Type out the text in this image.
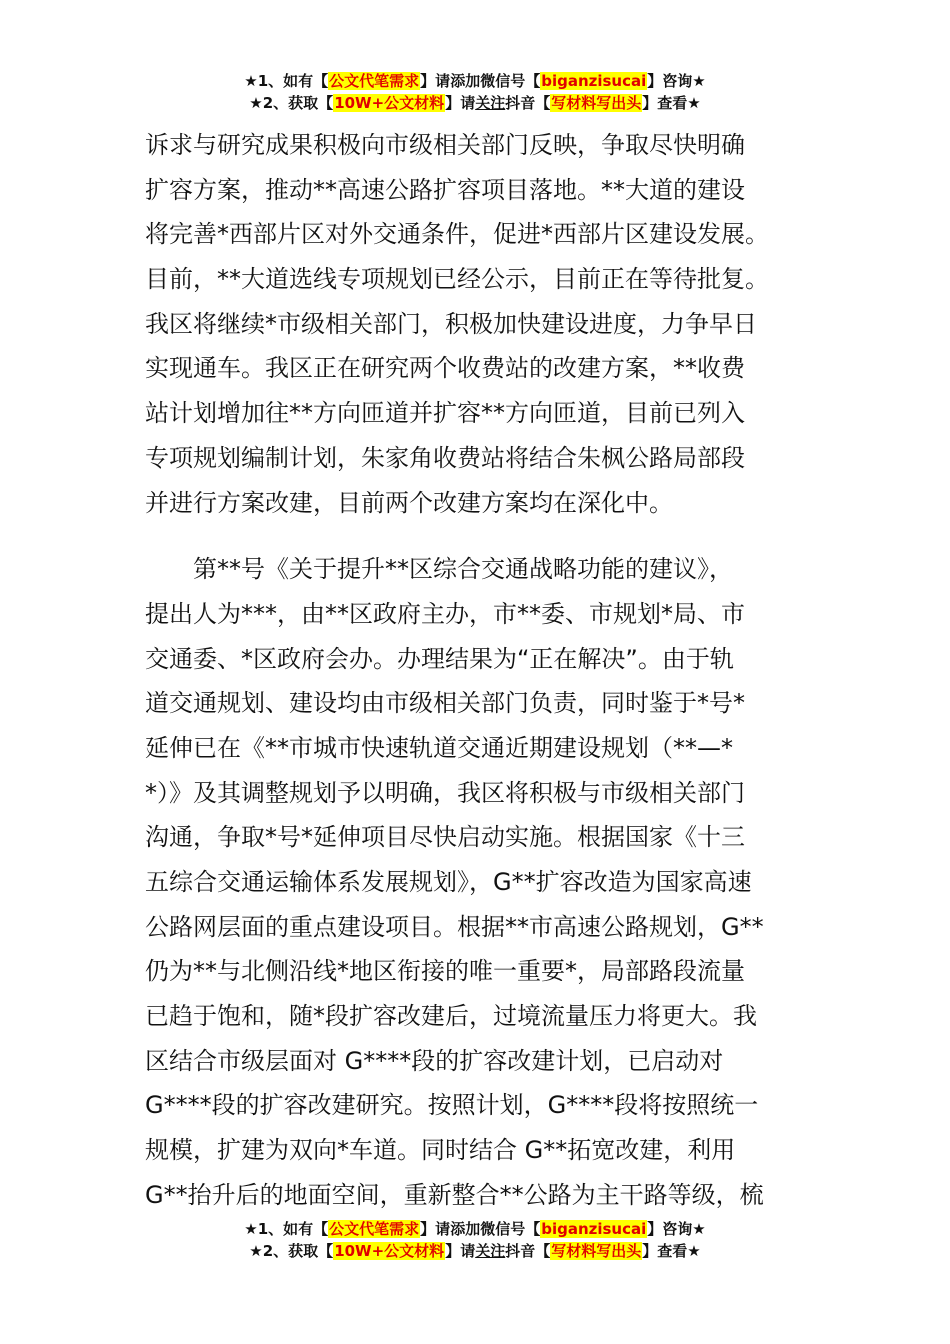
★1、如有【公文代笔需求】请添加微信号【biganzisucai】咨询★
★2、获取【10W+公文材料】请关注抖音【写材料写出头】查看★
诉求与研究成果积极向市级相关部门反映，争取尽快明确
扩容方案，推动**高速公路扩容项目落地。**大道的建设
将完善*西部片区对外交通条件，促进*西部片区建设发展。
目前，**大道选线专项规划已经公示，目前正在等待批复。
我区将继续*市级相关部门，积极加快建设进度，力争早日
实现通车。我区正在研究两个收费站的改建方案，**收费
站计划增加往**方向匝道并扩容**方向匝道，目前已列入
专项规划编制计划，朱家角收费站将结合朱枫公路局部段
并进行方案改建，目前两个改建方案均在深化中。
第**号《关于提升**区综合交通战略功能的建议》，
提出人为***，由**区政府主办，市**委、市规划*局、市
交通委、*区政府会办。办理结果为“正在解决”。由于轨
道交通规划、建设均由市级相关部门负责，同时鉴于*号*
延伸已在《**市城市快速轨道交通近期建设规划（**—*
*）》及其调整规划予以明确，我区将积极与市级相关部门
沟通，争取*号*延伸项目尽快启动实施。根据国家《十三
五综合交通运输体系发展规划》，G**扩容改造为国家高速
公路网层面的重点建设项目。根据**市高速公路规划，G**
仍为**与北侧沿线*地区衔接的唯一重要*，局部路段流量
已趋于饱和，随*段扩容改建后，过境流量压力将更大。我
区结合市级层面对 G****段的扩容改建计划，已启动对
G****段的扩容改建研究。按照计划，G****段将按照统一
规模，扩建为双向*车道。同时结合 G**拓宽改建，利用
G**抬升后的地面空间，重新整合**公路为主干路等级，梳
★1、如有【公文代笔需求】请添加微信号【biganzisucai】咨询★
★2、获取【10W+公文材料】请关注抖音【写材料写出头】查看★
